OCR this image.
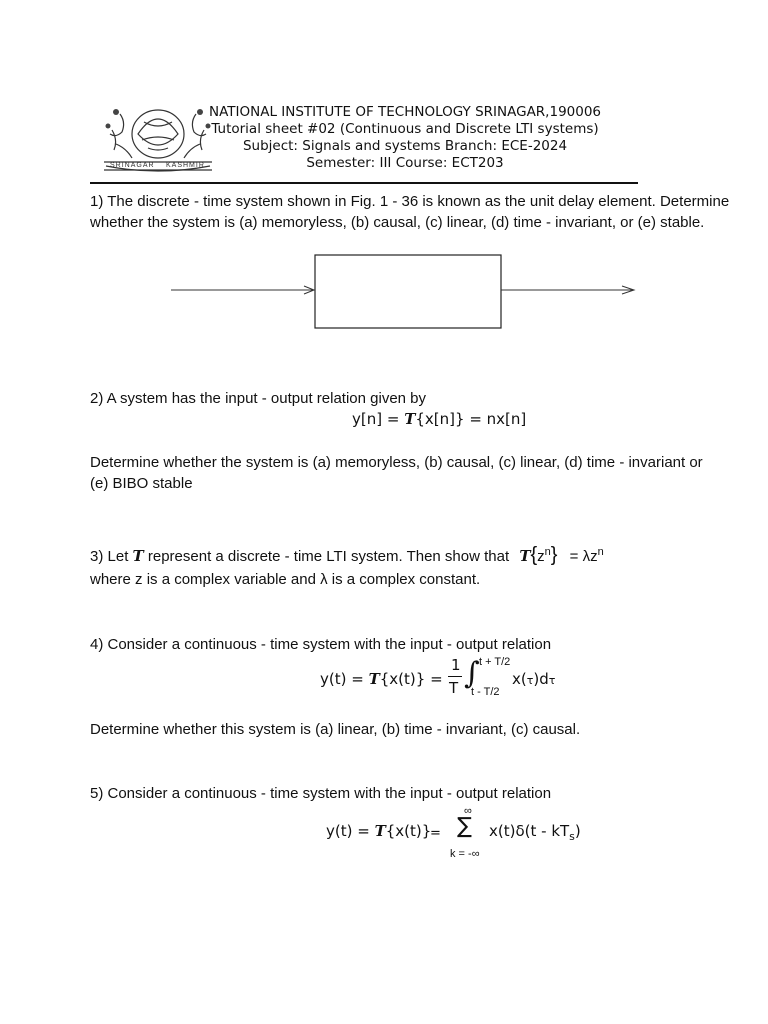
SRINAGAR KASHMIR
NATIONAL INSTITUTE OF TECHNOLOGY SRINAGAR,190006
Tutorial sheet #02 (Continuous and Discrete LTI systems)
Subject: Signals and systems Branch: ECE-2024
Semester: III Course: ECT203
1) The discrete - time system shown in Fig. 1 - 36 is known as the unit delay element. Determine
whether the system is (a) memoryless, (b) causal, (c) linear, (d) time - invariant, or (e) stable.
2) A system has the input - output relation given by
y[n] = T{x[n]} = nx[n]
Determine whether the system is (a) memoryless, (b) causal, (c) linear, (d) time - invariant or
(e) BIBO stable
3) Let T represent a discrete - time LTI system. Then show that $T\{z^n\} = \lambda z^n$
where z is a complex variable and λ is a complex constant.
4) Consider a continuous - time system with the input - output relation
y(t) = T{x(t)} =
1
T ∫ t + T/2
t - T/2
x(τ)dτ
Determine whether this system is (a) linear, (b) time - invariant, (c) causal.
5) Consider a continuous - time system with the input - output relation
y(t) = T{x(t)}
=
∞
∑
k = -∞
$x(t)\delta(t - kT_s)$
